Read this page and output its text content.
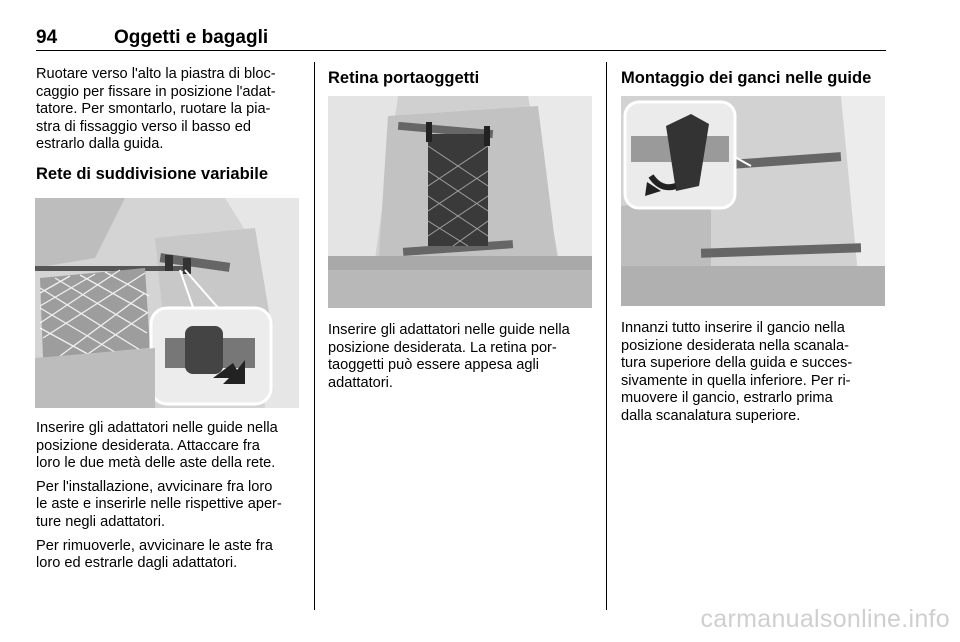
94	Oggetti e bagagli
Ruotare verso l'alto la piastra di bloc-
caggio per fissare in posizione l'adat-
tatore. Per smontarlo, ruotare la pia-
stra di fissaggio verso il basso ed
estrarlo dalla guida.
Rete di suddivisione variabile
Inserire gli adattatori nelle guide nella
posizione desiderata. Attaccare fra
loro le due metà delle aste della rete.
Per l'installazione, avvicinare fra loro
le aste e inserirle nelle rispettive aper-
ture negli adattatori.
Per rimuoverle, avvicinare le aste fra
loro ed estrarle dagli adattatori.
Retina portaoggetti
Inserire gli adattatori nelle guide nella
posizione desiderata. La retina por-
taoggetti può essere appesa agli
adattatori.
Montaggio dei ganci nelle guide
Innanzi tutto inserire il gancio nella
posizione desiderata nella scanala-
tura superiore della guida e succes-
sivamente in quella inferiore. Per ri-
muovere il gancio, estrarlo prima
dalla scanalatura superiore.
carmanualsonline.info
